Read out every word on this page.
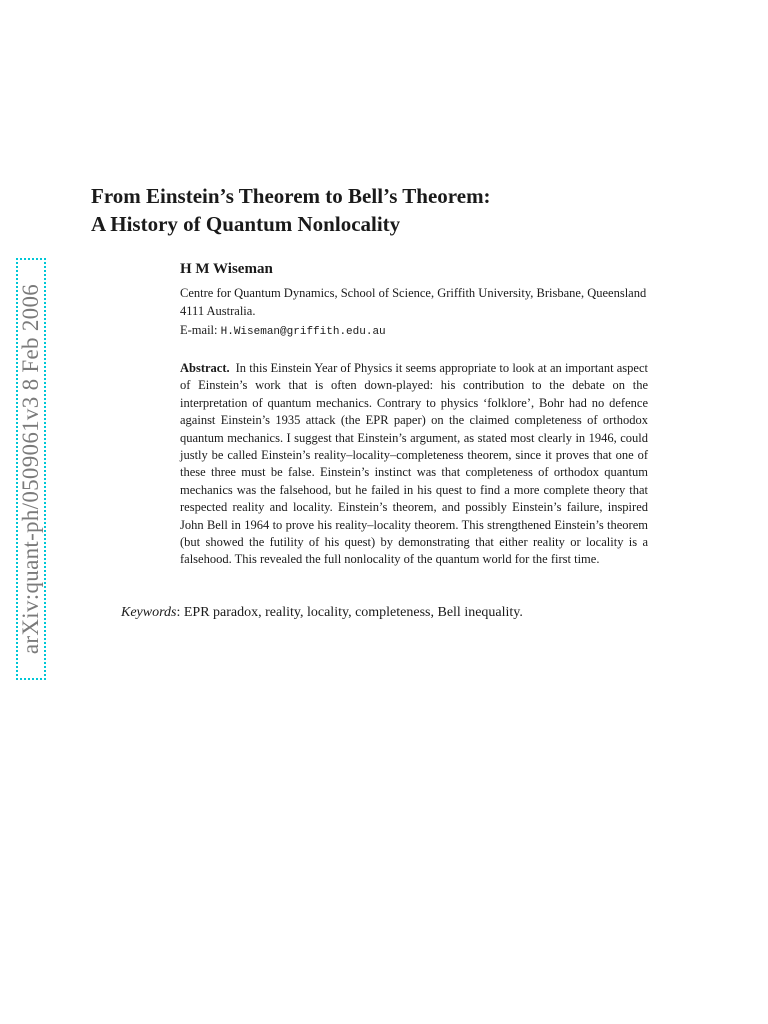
arXiv:quant-ph/0509061v3 8 Feb 2006
From Einstein’s Theorem to Bell’s Theorem:
A History of Quantum Nonlocality
H M Wiseman
Centre for Quantum Dynamics, School of Science, Griffith University, Brisbane, Queensland 4111 Australia.
E-mail: H.Wiseman@griffith.edu.au

Abstract. In this Einstein Year of Physics it seems appropriate to look at an important aspect of Einstein’s work that is often down-played: his contribution to the debate on the interpretation of quantum mechanics. Contrary to physics ‘folklore’, Bohr had no defence against Einstein’s 1935 attack (the EPR paper) on the claimed completeness of orthodox quantum mechanics. I suggest that Einstein’s argument, as stated most clearly in 1946, could justly be called Einstein’s reality–locality–completeness theorem, since it proves that one of these three must be false. Einstein’s instinct was that completeness of orthodox quantum mechanics was the falsehood, but he failed in his quest to find a more complete theory that respected reality and locality. Einstein’s theorem, and possibly Einstein’s failure, inspired John Bell in 1964 to prove his reality–locality theorem. This strengthened Einstein’s theorem (but showed the futility of his quest) by demonstrating that either reality or locality is a falsehood. This revealed the full nonlocality of the quantum world for the first time.

Keywords: EPR paradox, reality, locality, completeness, Bell inequality.
